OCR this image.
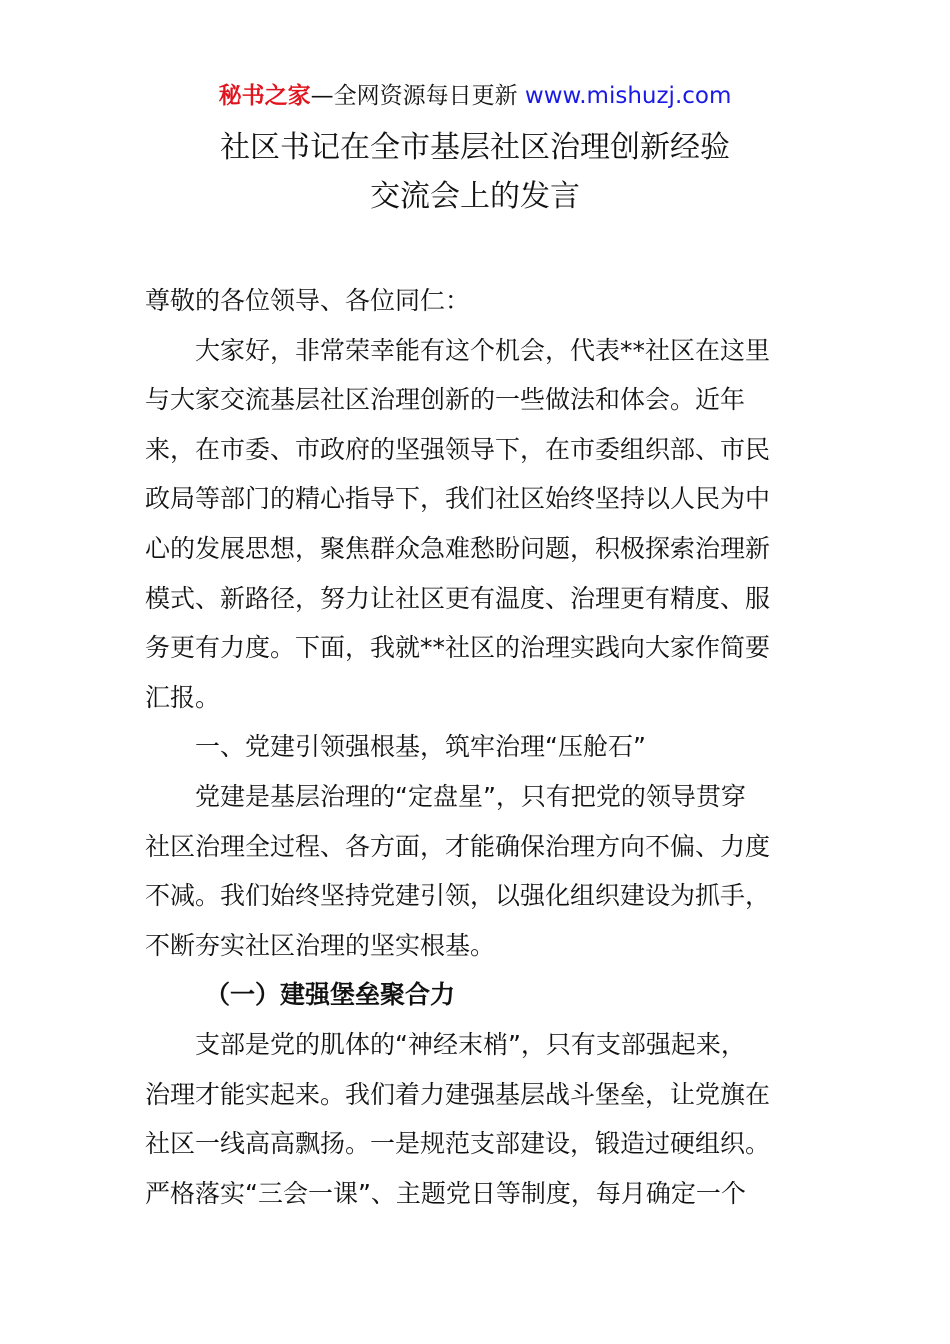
秘书之家—全网资源每日更新 www.mishuzj.com
社区书记在全市基层社区治理创新经验
交流会上的发言
尊敬的各位领导、各位同仁：
大家好，非常荣幸能有这个机会，代表**社区在这里
与大家交流基层社区治理创新的一些做法和体会。近年
来，在市委、市政府的坚强领导下，在市委组织部、市民
政局等部门的精心指导下，我们社区始终坚持以人民为中
心的发展思想，聚焦群众急难愁盼问题，积极探索治理新
模式、新路径，努力让社区更有温度、治理更有精度、服
务更有力度。下面，我就**社区的治理实践向大家作简要
汇报。
一、党建引领强根基，筑牢治理“压舱石”
党建是基层治理的“定盘星”，只有把党的领导贯穿
社区治理全过程、各方面，才能确保治理方向不偏、力度
不减。我们始终坚持党建引领，以强化组织建设为抓手，
不断夯实社区治理的坚实根基。
（一）建强堡垒聚合力
支部是党的肌体的“神经末梢”，只有支部强起来，
治理才能实起来。我们着力建强基层战斗堡垒，让党旗在
社区一线高高飘扬。一是规范支部建设，锻造过硬组织。
严格落实“三会一课”、主题党日等制度，每月确定一个
